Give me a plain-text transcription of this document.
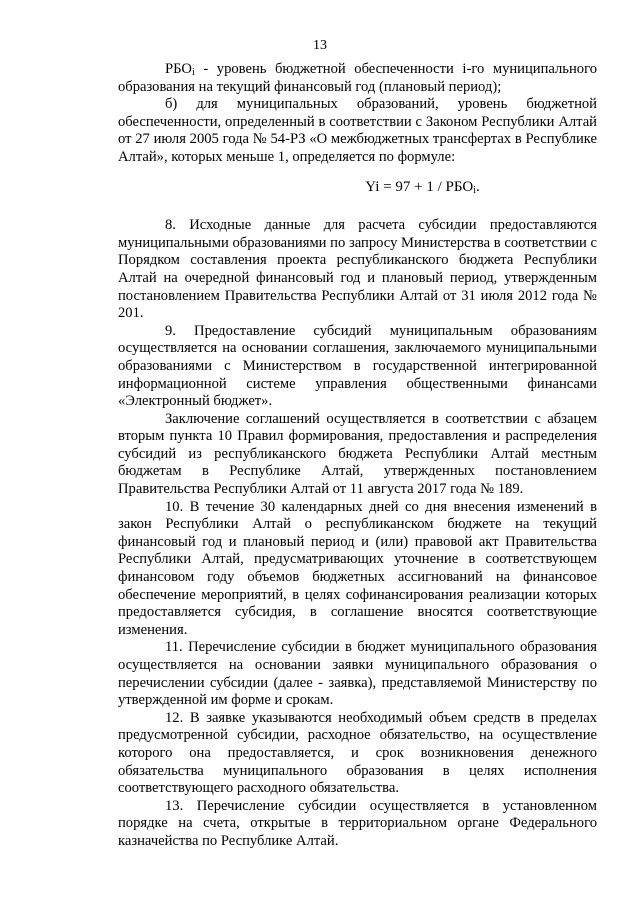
13

$РБО_i$ - уровень бюджетной обеспеченности i-го муниципального образования на текущий финансовый год (плановый период);

б) для муниципальных образований, уровень бюджетной обеспеченности, определенный в соответствии с Законом Республики Алтай от 27 июля 2005 года № 54-РЗ «О межбюджетных трансфертах в Республике Алтай», которых меньше 1, определяется по формуле:

$Yi = 97 + 1 / РБО_i$.

8. Исходные данные для расчета субсидии предоставляются муниципальными образованиями по запросу Министерства в соответствии с Порядком составления проекта республиканского бюджета Республики Алтай на очередной финансовый год и плановый период, утвержденным постановлением Правительства Республики Алтай от 31 июля 2012 года № 201.

9. Предоставление субсидий муниципальным образованиям осуществляется на основании соглашения, заключаемого муниципальными образованиями с Министерством в государственной интегрированной информационной системе управления общественными финансами «Электронный бюджет».

Заключение соглашений осуществляется в соответствии с абзацем вторым пункта 10 Правил формирования, предоставления и распределения субсидий из республиканского бюджета Республики Алтай местным бюджетам в Республике Алтай, утвержденных постановлением Правительства Республики Алтай от 11 августа 2017 года № 189.

10. В течение 30 календарных дней со дня внесения изменений в закон Республики Алтай о республиканском бюджете на текущий финансовый год и плановый период и (или) правовой акт Правительства Республики Алтай, предусматривающих уточнение в соответствующем финансовом году объемов бюджетных ассигнований на финансовое обеспечение мероприятий, в целях софинансирования реализации которых предоставляется субсидия, в соглашение вносятся соответствующие изменения.

11. Перечисление субсидии в бюджет муниципального образования осуществляется на основании заявки муниципального образования о перечислении субсидии (далее - заявка), представляемой Министерству по утвержденной им форме и срокам.

12. В заявке указываются необходимый объем средств в пределах предусмотренной субсидии, расходное обязательство, на осуществление которого она предоставляется, и срок возникновения денежного обязательства муниципального образования в целях исполнения соответствующего расходного обязательства.

13. Перечисление субсидии осуществляется в установленном порядке на счета, открытые в территориальном органе Федерального казначейства по Республике Алтай.
